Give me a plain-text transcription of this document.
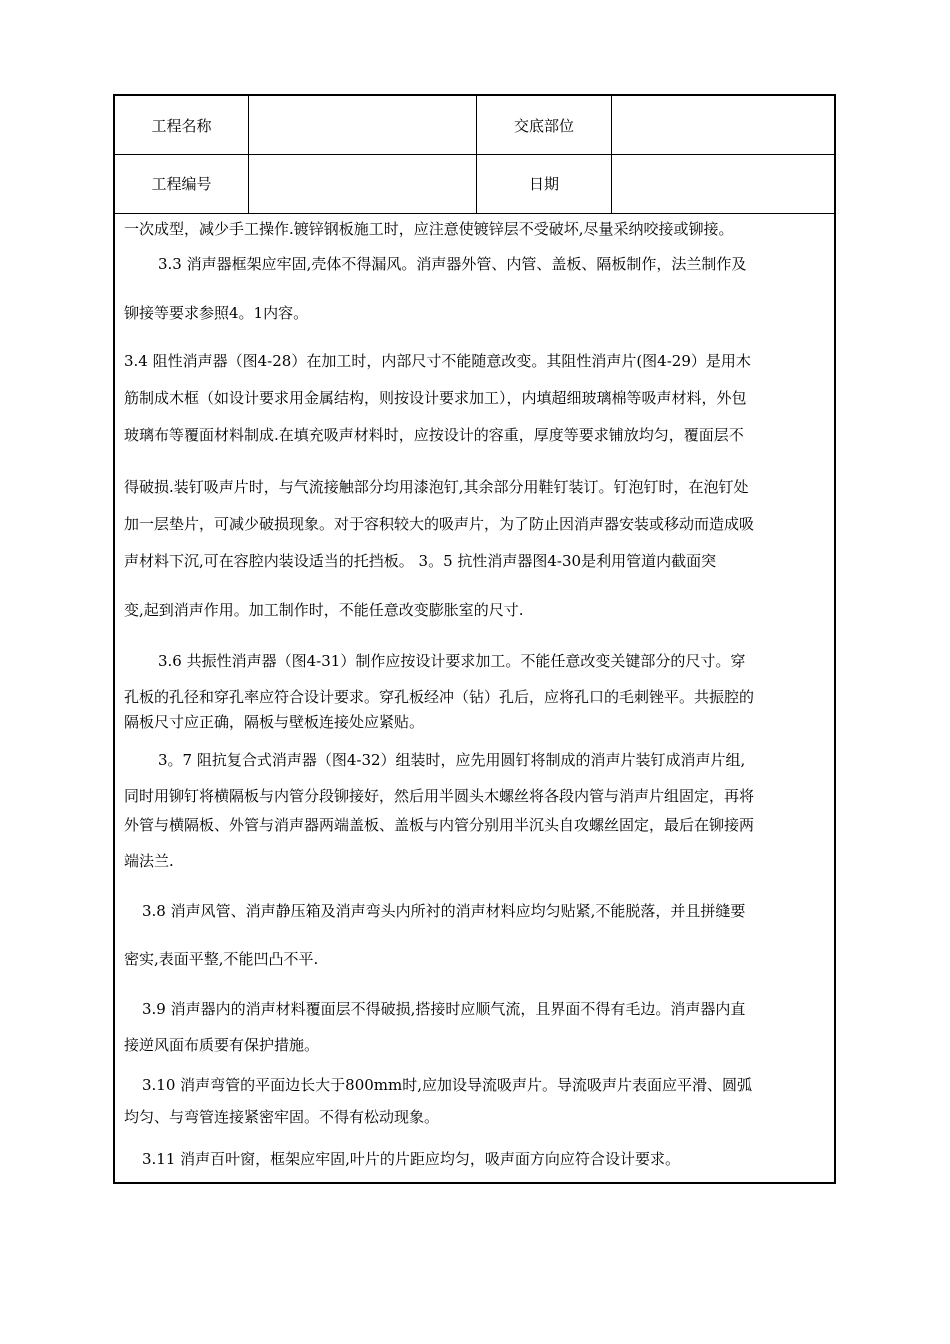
工程名称	交底部位
工程编号	日期
一次成型，减少手工操作.镀锌钢板施工时，应注意使镀锌层不受破坏,尽量采纳咬接或铆接。
3.3 消声器框架应牢固,壳体不得漏风。消声器外管、内管、盖板、隔板制作，法兰制作及
铆接等要求参照4。1内容。
3.4 阻性消声器（图4-28）在加工时，内部尺寸不能随意改变。其阻性消声片(图4-29）是用木
筋制成木框（如设计要求用金属结构，则按设计要求加工），内填超细玻璃棉等吸声材料，外包
玻璃布等覆面材料制成.在填充吸声材料时，应按设计的容重，厚度等要求铺放均匀，覆面层不
得破损.装钉吸声片时，与气流接触部分均用漆泡钉,其余部分用鞋钉装订。钉泡钉时，在泡钉处
加一层垫片，可减少破损现象。对于容积较大的吸声片，为了防止因消声器安装或移动而造成吸
声材料下沉,可在容腔内装设适当的托挡板。 3。5 抗性消声器图4-30是利用管道内截面突
变,起到消声作用。加工制作时，不能任意改变膨胀室的尺寸.
3.6 共振性消声器（图4-31）制作应按设计要求加工。不能任意改变关键部分的尺寸。穿
孔板的孔径和穿孔率应符合设计要求。穿孔板经冲（钻）孔后，应将孔口的毛刺锉平。共振腔的
隔板尺寸应正确，隔板与壁板连接处应紧贴。
3。7 阻抗复合式消声器（图4-32）组装时，应先用圆钉将制成的消声片装钉成消声片组,
同时用铆钉将横隔板与内管分段铆接好，然后用半圆头木螺丝将各段内管与消声片组固定，再将
外管与横隔板、外管与消声器两端盖板、盖板与内管分别用半沉头自攻螺丝固定，最后在铆接两
端法兰.
3.8 消声风管、消声静压箱及消声弯头内所衬的消声材料应均匀贴紧,不能脱落，并且拼缝要
密实,表面平整,不能凹凸不平.
3.9 消声器内的消声材料覆面层不得破损,搭接时应顺气流，且界面不得有毛边。消声器内直
接逆风面布质要有保护措施。
3.10 消声弯管的平面边长大于800mm时,应加设导流吸声片。导流吸声片表面应平滑、圆弧
均匀、与弯管连接紧密牢固。不得有松动现象。
3.11 消声百叶窗，框架应牢固,叶片的片距应均匀，吸声面方向应符合设计要求。
